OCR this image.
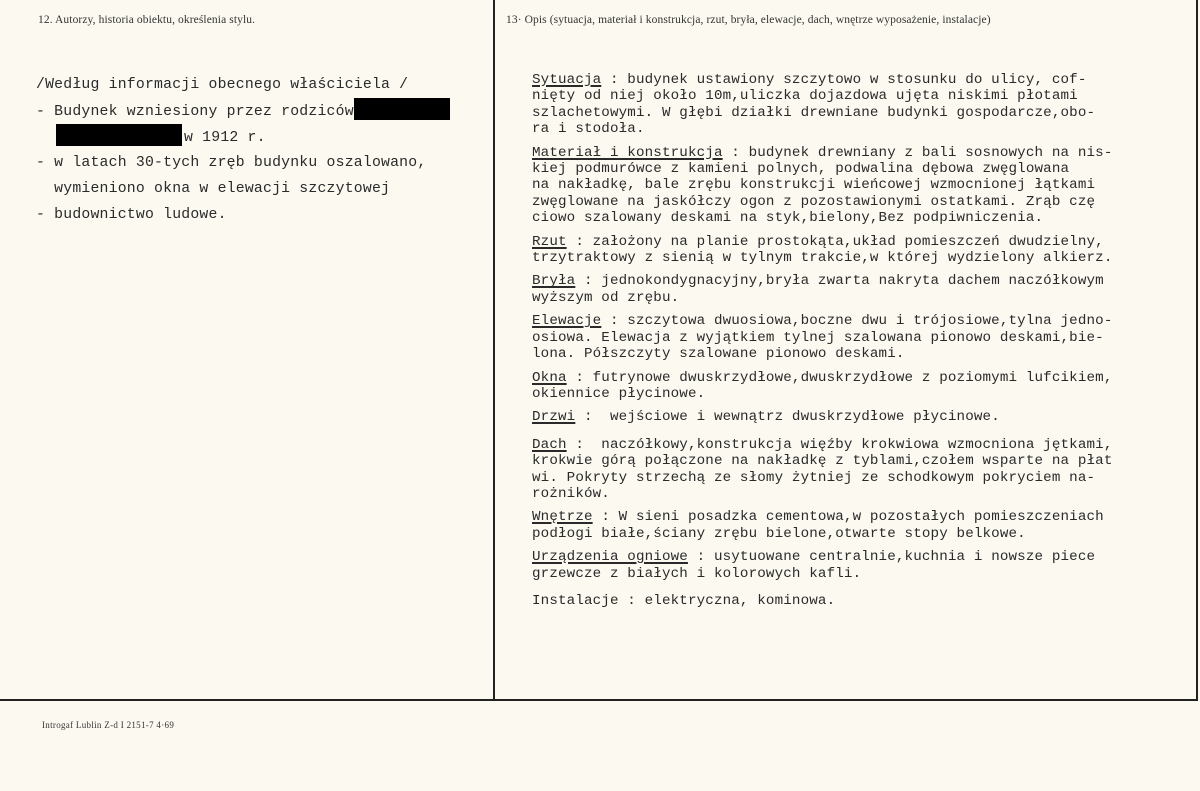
12. Autorzy, historia obiektu, określenia stylu.	13· Opis (sytuacja, materiał i konstrukcja, rzut, bryła, elewacje, dach, wnętrze wyposażenie, instalacje)
/Według informacji obecnego właściciela /
- Budynek wzniesiony przez rodziców
w 1912 r.
- w latach 30-tych zręb budynku oszalowano,
wymieniono okna w elewacji szczytowej
- budownictwo ludowe.
Sytuacja : budynek ustawiony szczytowo w stosunku do ulicy, cof-
nięty od niej około 10m,uliczka dojazdowa ujęta niskimi płotami
szlachetowymi. W głębi działki drewniane budynki gospodarcze,obo-
ra i stodoła.
Materiał i konstrukcja : budynek drewniany z bali sosnowych na nis-
kiej podmurówce z kamieni polnych, podwalina dębowa zwęglowana
na nakładkę, bale zrębu konstrukcji wieńcowej wzmocnionej łątkami
zwęglowane na jaskółczy ogon z pozostawionymi ostatkami. Zrąb czę
ciowo szalowany deskami na styk,bielony,Bez podpiwniczenia.
Rzut : założony na planie prostokąta,układ pomieszczeń dwudzielny,
trzytraktowy z sienią w tylnym trakcie,w której wydzielony alkierz.
Bryła : jednokondygnacyjny,bryła zwarta nakryta dachem naczółkowym
wyższym od zrębu.
Elewacje : szczytowa dwuosiowa,boczne dwu i trójosiowe,tylna jedno-
osiowa. Elewacja z wyjątkiem tylnej szalowana pionowo deskami,bie-
lona. Półszczyty szalowane pionowo deskami.
Okna : futrynowe dwuskrzydłowe,dwuskrzydłowe z poziomymi lufcikiem,
okiennice płycinowe.
Drzwi :  wejściowe i wewnątrz dwuskrzydłowe płycinowe.
Dach :  naczółkowy,konstrukcja więźby krokwiowa wzmocniona jętkami,
krokwie górą połączone na nakładkę z tyblami,czołem wsparte na płat
wi. Pokryty strzechą ze słomy żytniej ze schodkowym pokryciem na-
rożników.
Wnętrze : W sieni posadzka cementowa,w pozostałych pomieszczeniach
podłogi białe,ściany zrębu bielone,otwarte stopy belkowe.
Urządzenia ogniowe : usytuowane centralnie,kuchnia i nowsze piece
grzewcze z białych i kolorowych kafli.
Instalacje : elektryczna, kominowa.
Introgaf Lublin Z-d I 2151-7 4·69
